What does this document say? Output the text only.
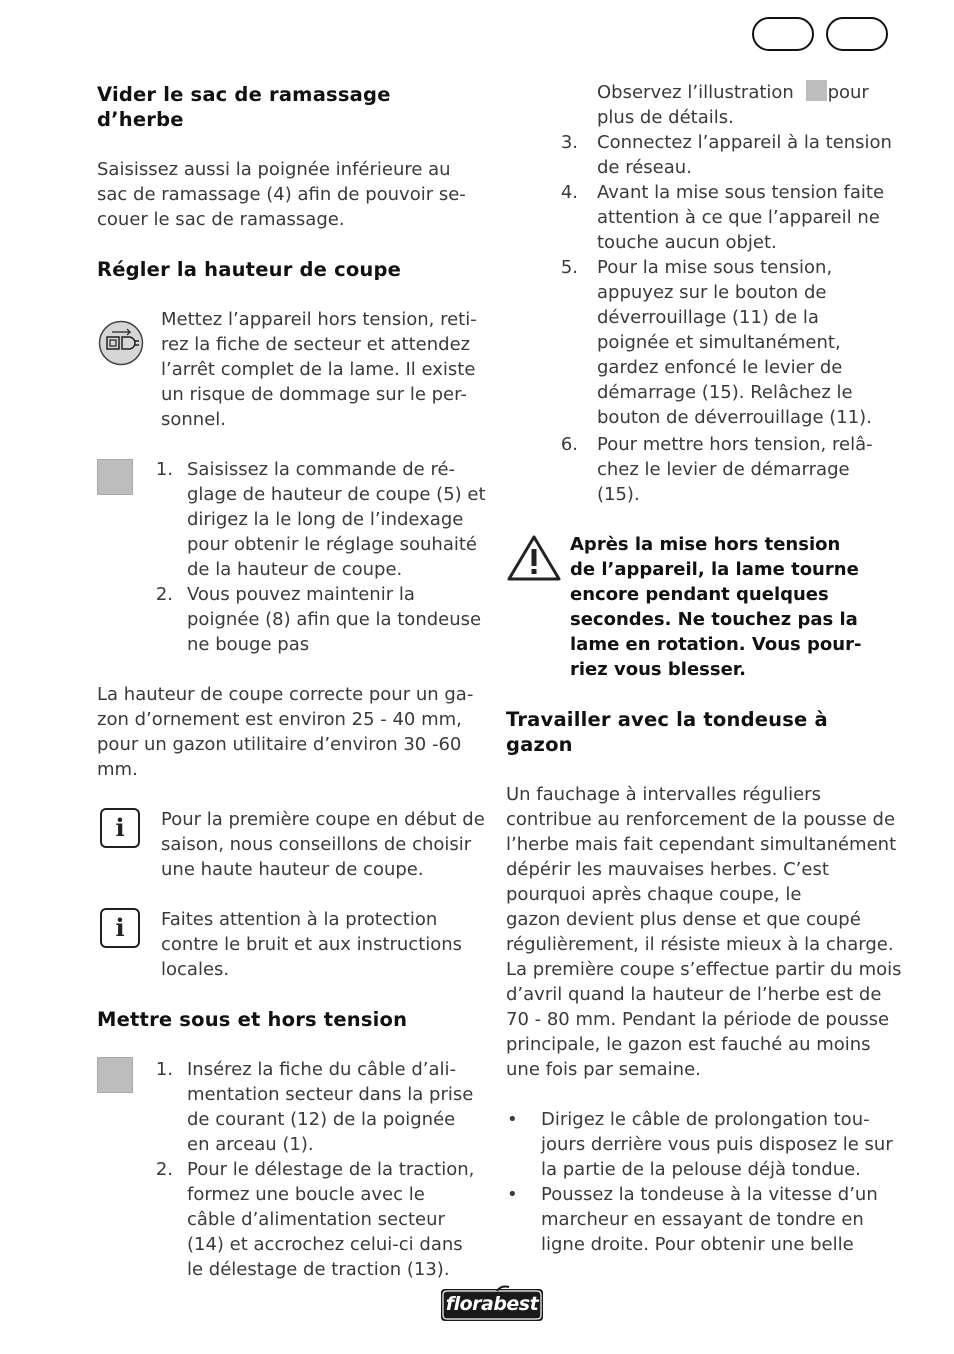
Vider le sac de ramassage
d’herbe
Saisissez aussi la poignée inférieure au
sac de ramassage (4) afin de pouvoir se-
couer le sac de ramassage.
Régler la hauteur de coupe
Mettez l’appareil hors tension, reti-
rez la fiche de secteur et attendez
l’arrêt complet de la lame. Il existe
un risque de dommage sur le per-
sonnel.
1. Saisissez la commande de ré-
glage de hauteur de coupe (5) et
dirigez la le long de l’indexage
pour obtenir le réglage souhaité
de la hauteur de coupe.
2. Vous pouvez maintenir la
poignée (8) afin que la tondeuse
ne bouge pas
La hauteur de coupe correcte pour un ga-
zon d’ornement est environ 25 - 40 mm,
pour un gazon utilitaire d’environ 30 -60
mm.
i	Pour la première coupe en début de
saison, nous conseillons de choisir
une haute hauteur de coupe.
i	Faites attention à la protection
contre le bruit et aux instructions
locales.
Mettre sous et hors tension
1. Insérez la fiche du câble d’ali-
mentation secteur dans la prise
de courant (12) de la poignée
en arceau (1).
2. Pour le délestage de la traction,
formez une boucle avec le
câble d’alimentation secteur
(14) et accrochez celui-ci dans
le délestage de traction (13).
Observez l’illustration pour
plus de détails.
3. Connectez l’appareil à la tension
de réseau.
4. Avant la mise sous tension faite
attention à ce que l’appareil ne
touche aucun objet.
5. Pour la mise sous tension,
appuyez sur le bouton de
déverrouillage (11) de la
poignée et simultanément,
gardez enfoncé le levier de
démarrage (15). Relâchez le
bouton de déverrouillage (11).
6. Pour mettre hors tension, relâ-
chez le levier de démarrage
(15).
Après la mise hors tension
de l’appareil, la lame tourne
encore pendant quelques
secondes. Ne touchez pas la
lame en rotation. Vous pour-
riez vous blesser.
Travailler avec la tondeuse à
gazon
Un fauchage à intervalles réguliers
contribue au renforcement de la pousse de
l’herbe mais fait cependant simultanément
dépérir les mauvaises herbes. C’est
pourquoi après chaque coupe, le
gazon devient plus dense et que coupé
régulièrement, il résiste mieux à la charge.
La première coupe s’effectue partir du mois
d’avril quand la hauteur de l’herbe est de
70 - 80 mm. Pendant la période de pousse
principale, le gazon est fauché au moins
une fois par semaine.
• Dirigez le câble de prolongation tou-
jours derrière vous puis disposez le sur
la partie de la pelouse déjà tondue.
• Poussez la tondeuse à la vitesse d’un
marcheur en essayant de tondre en
ligne droite. Pour obtenir une belle
florabest
